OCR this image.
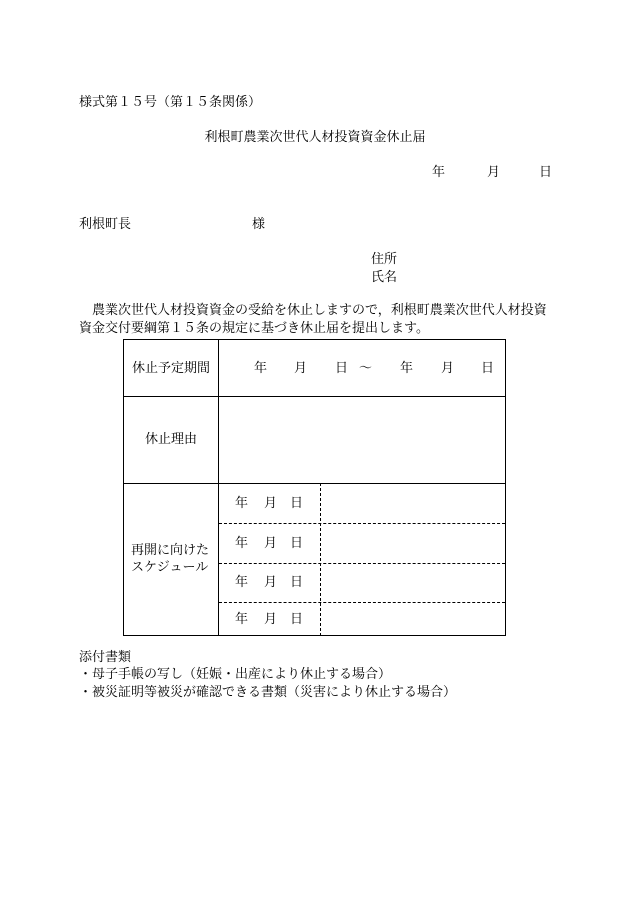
様式第１５号（第１５条関係）
利根町農業次世代人材投資資金休止届
年	月	日
利根町長	様
住所
氏名
農業次世代人材投資資金の受給を休止しますので，利根町農業次世代人材投資資金交付要綱第１５条の規定に基づき休止届を提出します。
休止予定期間	年 月 日 ～ 年 月 日
休止理由
再開に向けた
スケジュール
年 月 日
年 月 日
年 月 日
年 月 日
添付書類
・母子手帳の写し（妊娠・出産により休止する場合）
・被災証明等被災が確認できる書類（災害により休止する場合）
